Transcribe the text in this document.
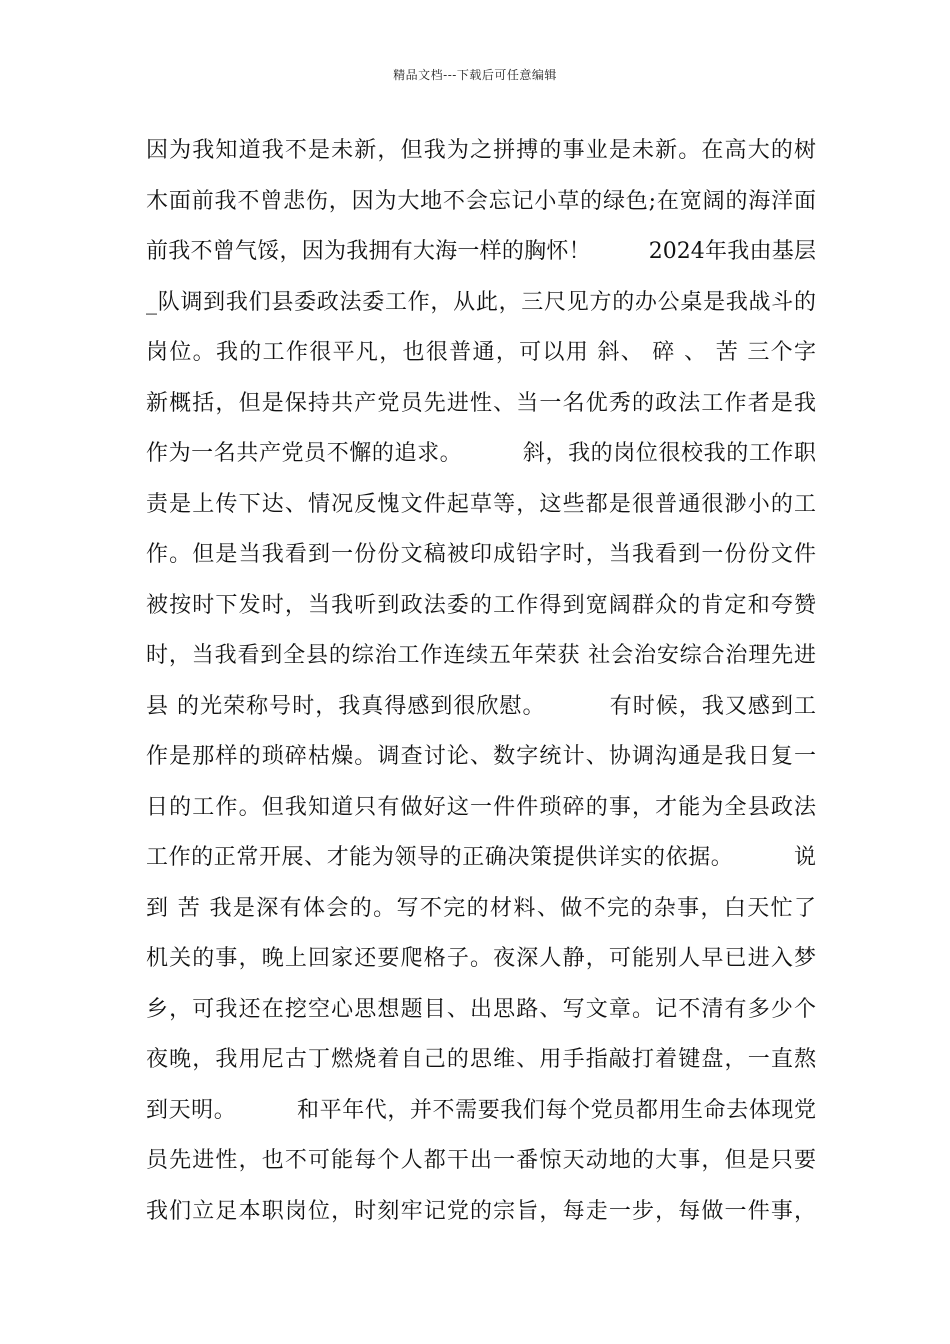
精品文档---下载后可任意编辑
因为我知道我不是未新，但我为之拼搏的事业是未新。在高大的树
木面前我不曾悲伤，因为大地不会忘记小草的绿色;在宽阔的海洋面
前我不曾气馁，因为我拥有大海一样的胸怀！        2024年我由基层
_队调到我们县委政法委工作，从此，三尺见方的办公桌是我战斗的
岗位。我的工作很平凡，也很普通，可以用 斜、 碎 、 苦 三个字
新概括，但是保持共产党员先进性、当一名优秀的政法工作者是我
作为一名共产党员不懈的追求。        斜，我的岗位很校我的工作职
责是上传下达、情况反愧文件起草等，这些都是很普通很渺小的工
作。但是当我看到一份份文稿被印成铅字时，当我看到一份份文件
被按时下发时，当我听到政法委的工作得到宽阔群众的肯定和夸赞
时，当我看到全县的综治工作连续五年荣获 社会治安综合治理先进
县 的光荣称号时，我真得感到很欣慰。        有时候，我又感到工
作是那样的琐碎枯燥。调查讨论、数字统计、协调沟通是我日复一
日的工作。但我知道只有做好这一件件琐碎的事，才能为全县政法
工作的正常开展、才能为领导的正确决策提供详实的依据。        说
到 苦 我是深有体会的。写不完的材料、做不完的杂事，白天忙了
机关的事，晚上回家还要爬格子。夜深人静，可能别人早已进入梦
乡，可我还在挖空心思想题目、出思路、写文章。记不清有多少个
夜晚，我用尼古丁燃烧着自己的思维、用手指敲打着键盘，一直熬
到天明。        和平年代，并不需要我们每个党员都用生命去体现党
员先进性，也不可能每个人都干出一番惊天动地的大事，但是只要
我们立足本职岗位，时刻牢记党的宗旨，每走一步，每做一件事，
